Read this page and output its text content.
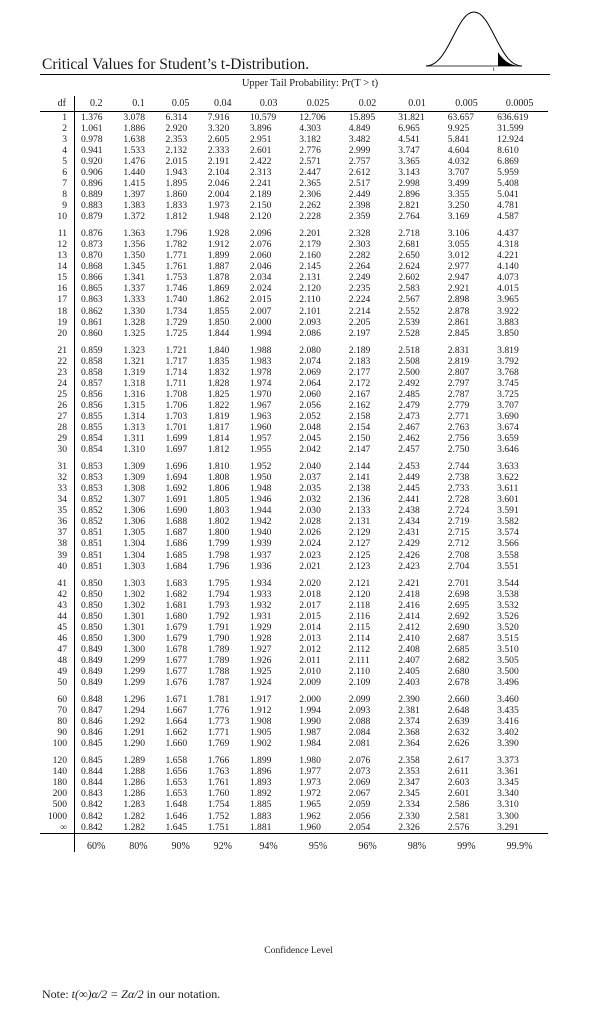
t
Critical Values for Student’s t-Distribution.
Upper Tail Probability: Pr(T > t)
df	0.2	0.1	0.05	0.04	0.03	0.025	0.02	0.01	0.005	0.0005
1	1.376	3.078	6.314	7.916	10.579	12.706	15.895	31.821	63.657	636.619
2	1.061	1.886	2.920	3.320	3.896	4.303	4.849	6.965	9.925	31.599
3	0.978	1.638	2.353	2.605	2.951	3.182	3.482	4.541	5.841	12.924
4	0.941	1.533	2.132	2.333	2.601	2.776	2.999	3.747	4.604	8.610
5	0.920	1.476	2.015	2.191	2.422	2.571	2.757	3.365	4.032	6.869
6	0.906	1.440	1.943	2.104	2.313	2.447	2.612	3.143	3.707	5.959
7	0.896	1.415	1.895	2.046	2.241	2.365	2.517	2.998	3.499	5.408
8	0.889	1.397	1.860	2.004	2.189	2.306	2.449	2.896	3.355	5.041
9	0.883	1.383	1.833	1.973	2.150	2.262	2.398	2.821	3.250	4.781
10	0.879	1.372	1.812	1.948	2.120	2.228	2.359	2.764	3.169	4.587

11	0.876	1.363	1.796	1.928	2.096	2.201	2.328	2.718	3.106	4.437
12	0.873	1.356	1.782	1.912	2.076	2.179	2.303	2.681	3.055	4.318
13	0.870	1.350	1.771	1.899	2.060	2.160	2.282	2.650	3.012	4.221
14	0.868	1.345	1.761	1.887	2.046	2.145	2.264	2.624	2.977	4.140
15	0.866	1.341	1.753	1.878	2.034	2.131	2.249	2.602	2.947	4.073
16	0.865	1.337	1.746	1.869	2.024	2.120	2.235	2.583	2.921	4.015
17	0.863	1.333	1.740	1.862	2.015	2.110	2.224	2.567	2.898	3.965
18	0.862	1.330	1.734	1.855	2.007	2.101	2.214	2.552	2.878	3.922
19	0.861	1.328	1.729	1.850	2.000	2.093	2.205	2.539	2.861	3.883
20	0.860	1.325	1.725	1.844	1.994	2.086	2.197	2.528	2.845	3.850

21	0.859	1.323	1.721	1.840	1.988	2.080	2.189	2.518	2.831	3.819
22	0.858	1.321	1.717	1.835	1.983	2.074	2.183	2.508	2.819	3.792
23	0.858	1.319	1.714	1.832	1.978	2.069	2.177	2.500	2.807	3.768
24	0.857	1.318	1.711	1.828	1.974	2.064	2.172	2.492	2.797	3.745
25	0.856	1.316	1.708	1.825	1.970	2.060	2.167	2.485	2.787	3.725
26	0.856	1.315	1.706	1.822	1.967	2.056	2.162	2.479	2.779	3.707
27	0.855	1.314	1.703	1.819	1.963	2.052	2.158	2.473	2.771	3.690
28	0.855	1.313	1.701	1.817	1.960	2.048	2.154	2.467	2.763	3.674
29	0.854	1.311	1.699	1.814	1.957	2.045	2.150	2.462	2.756	3.659
30	0.854	1.310	1.697	1.812	1.955	2.042	2.147	2.457	2.750	3.646

31	0.853	1.309	1.696	1.810	1.952	2.040	2.144	2.453	2.744	3.633
32	0.853	1.309	1.694	1.808	1.950	2.037	2.141	2.449	2.738	3.622
33	0.853	1.308	1.692	1.806	1.948	2.035	2.138	2.445	2.733	3.611
34	0.852	1.307	1.691	1.805	1.946	2.032	2.136	2.441	2.728	3.601
35	0.852	1.306	1.690	1.803	1.944	2.030	2.133	2.438	2.724	3.591
36	0.852	1.306	1.688	1.802	1.942	2.028	2.131	2.434	2.719	3.582
37	0.851	1.305	1.687	1.800	1.940	2.026	2.129	2.431	2.715	3.574
38	0.851	1.304	1.686	1.799	1.939	2.024	2.127	2.429	2.712	3.566
39	0.851	1.304	1.685	1.798	1.937	2.023	2.125	2.426	2.708	3.558
40	0.851	1.303	1.684	1.796	1.936	2.021	2.123	2.423	2.704	3.551

41	0.850	1.303	1.683	1.795	1.934	2.020	2.121	2.421	2.701	3.544
42	0.850	1.302	1.682	1.794	1.933	2.018	2.120	2.418	2.698	3.538
43	0.850	1.302	1.681	1.793	1.932	2.017	2.118	2.416	2.695	3.532
44	0.850	1.301	1.680	1.792	1.931	2.015	2.116	2.414	2.692	3.526
45	0.850	1.301	1.679	1.791	1.929	2.014	2.115	2.412	2.690	3.520
46	0.850	1.300	1.679	1.790	1.928	2.013	2.114	2.410	2.687	3.515
47	0.849	1.300	1.678	1.789	1.927	2.012	2.112	2.408	2.685	3.510
48	0.849	1.299	1.677	1.789	1.926	2.011	2.111	2.407	2.682	3.505
49	0.849	1.299	1.677	1.788	1.925	2.010	2.110	2.405	2.680	3.500
50	0.849	1.299	1.676	1.787	1.924	2.009	2.109	2.403	2.678	3.496

60	0.848	1.296	1.671	1.781	1.917	2.000	2.099	2.390	2.660	3.460
70	0.847	1.294	1.667	1.776	1.912	1.994	2.093	2.381	2.648	3.435
80	0.846	1.292	1.664	1.773	1.908	1.990	2.088	2.374	2.639	3.416
90	0.846	1.291	1.662	1.771	1.905	1.987	2.084	2.368	2.632	3.402
100	0.845	1.290	1.660	1.769	1.902	1.984	2.081	2.364	2.626	3.390

120	0.845	1.289	1.658	1.766	1.899	1.980	2.076	2.358	2.617	3.373
140	0.844	1.288	1.656	1.763	1.896	1.977	2.073	2.353	2.611	3.361
180	0.844	1.286	1.653	1.761	1.893	1.973	2.069	2.347	2.603	3.345
200	0.843	1.286	1.653	1.760	1.892	1.972	2.067	2.345	2.601	3.340
500	0.842	1.283	1.648	1.754	1.885	1.965	2.059	2.334	2.586	3.310
1000	0.842	1.282	1.646	1.752	1.883	1.962	2.056	2.330	2.581	3.300
∞	0.842	1.282	1.645	1.751	1.881	1.960	2.054	2.326	2.576	3.291
	60%	80%	90%	92%	94%	95%	96%	98%	99%	99.9%
Confidence Level
Note: t(∞)α/2 = Zα/2 in our notation.
